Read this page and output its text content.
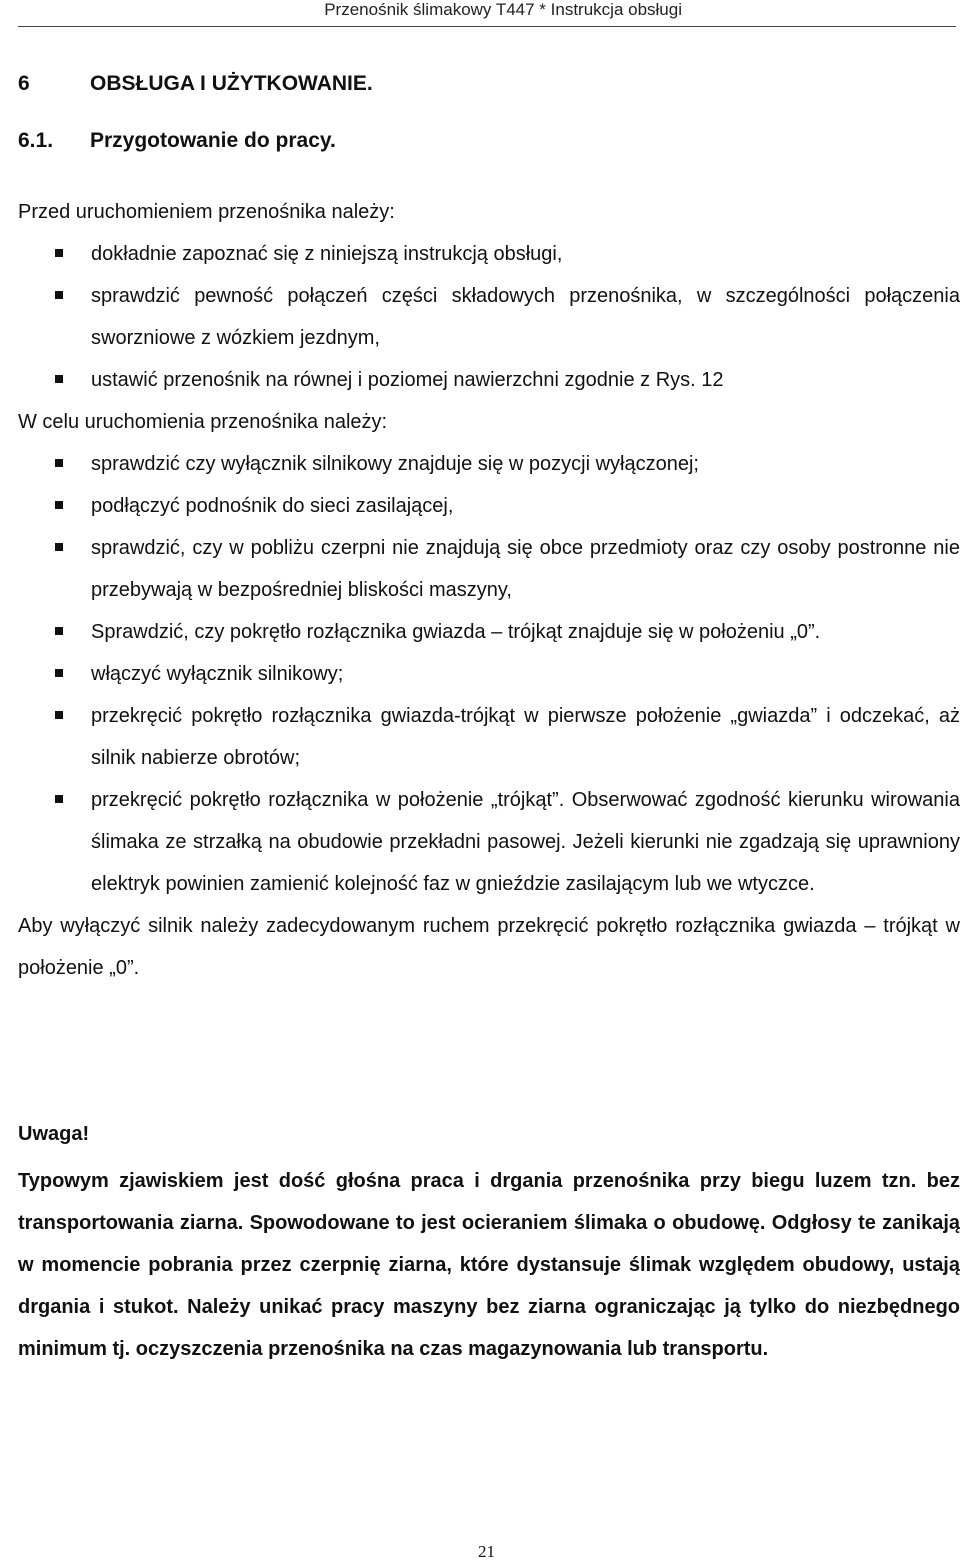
Przenośnik ślimakowy T447 * Instrukcja obsługi
6	OBSŁUGA I UŻYTKOWANIE.
6.1. Przygotowanie do pracy.

Przed uruchomieniem przenośnika należy:

dokładnie zapoznać się z niniejszą instrukcją obsługi,
sprawdzić pewność połączeń części składowych przenośnika, w szczególności połączenia sworzniowe z wózkiem jezdnym,
ustawić przenośnik na równej i poziomej nawierzchni zgodnie z Rys. 12

W celu uruchomienia przenośnika należy:

sprawdzić czy wyłącznik silnikowy znajduje się w pozycji wyłączonej;
podłączyć podnośnik do sieci zasilającej,
sprawdzić, czy w pobliżu czerpni nie znajdują się obce przedmioty oraz czy osoby postronne nie przebywają w bezpośredniej bliskości maszyny,
Sprawdzić, czy pokrętło rozłącznika gwiazda – trójkąt znajduje się w położeniu „0”.
włączyć wyłącznik silnikowy;
przekręcić pokrętło rozłącznika gwiazda-trójkąt w pierwsze położenie „gwiazda” i odczekać, aż silnik nabierze obrotów;
przekręcić pokrętło rozłącznika w położenie „trójkąt”. Obserwować zgodność kierunku wirowania ślimaka ze strzałką na obudowie przekładni pasowej. Jeżeli kierunki nie zgadzają się uprawniony elektryk powinien zamienić kolejność faz w gnieździe zasilającym lub we wtyczce.

Aby wyłączyć silnik należy zadecydowanym ruchem przekręcić pokrętło rozłącznika gwiazda – trójkąt w położenie „0”.

Uwaga!
Typowym zjawiskiem jest dość głośna praca i drgania przenośnika przy biegu luzem tzn. bez transportowania ziarna. Spowodowane to jest ocieraniem ślimaka o obudowę. Odgłosy te zanikają w momencie pobrania przez czerpnię ziarna, które dystansuje ślimak względem obudowy, ustają drgania i stukot. Należy unikać pracy maszyny bez ziarna ograniczając ją tylko do niezbędnego minimum tj. oczyszczenia przenośnika na czas magazynowania lub transportu.
21
